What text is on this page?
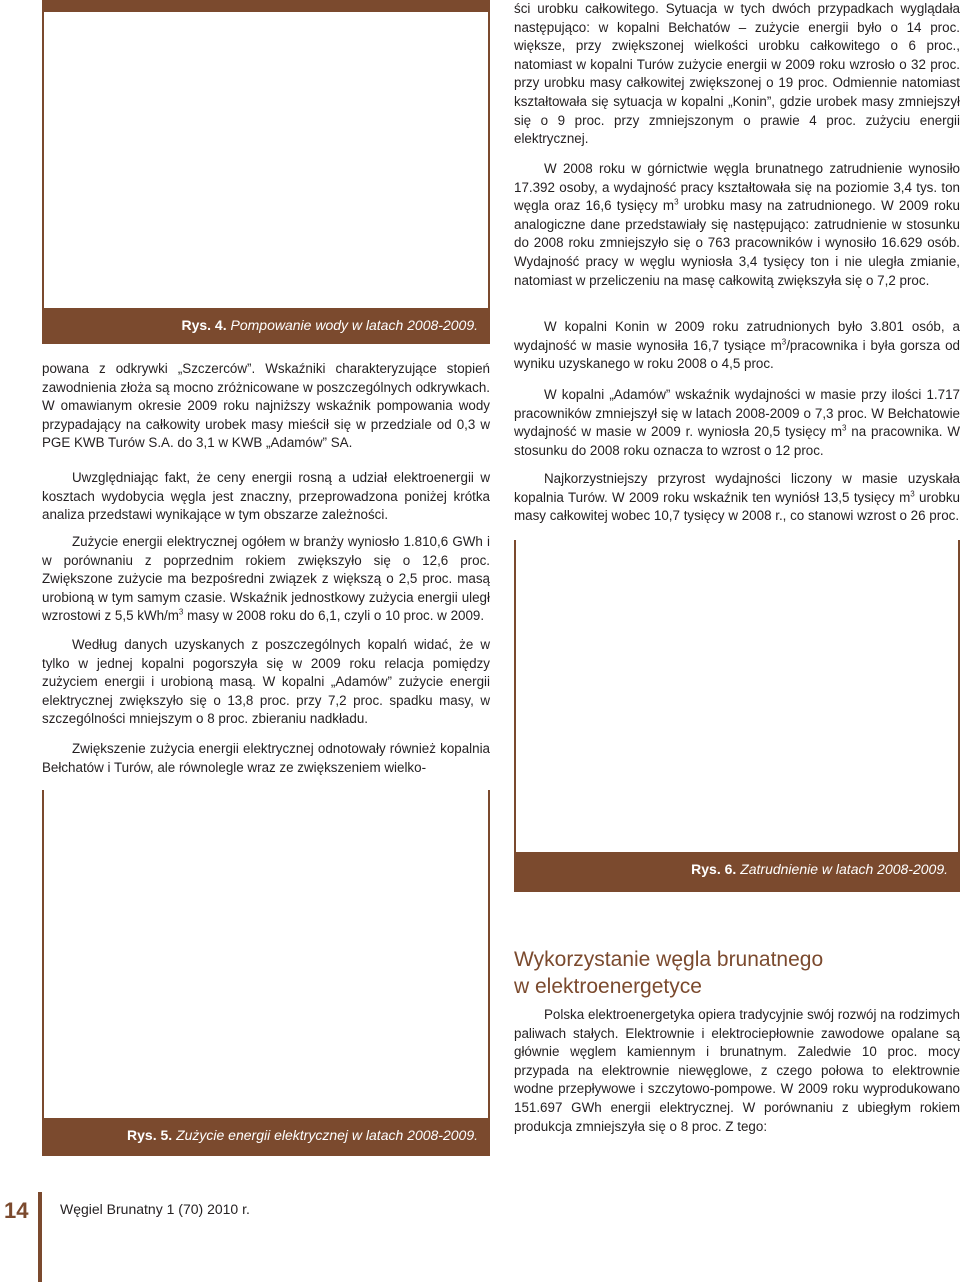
Rys. 4. Pompowanie wody w latach 2008-2009.

powana z odkrywki „Szczerców”. Wskaźniki charakteryzujące stopień zawodnienia złoża są mocno zróżnicowane w poszczególnych odkrywkach. W omawianym okresie 2009 roku najniższy wskaźnik pompowania wody przypadający na całkowity urobek masy mieścił się w przedziale od 0,3 w PGE KWB Turów S.A. do 3,1 w KWB „Adamów” SA.

Uwzględniając fakt, że ceny energii rosną a udział elektroenergii w kosztach wydobycia węgla jest znaczny, przeprowadzona poniżej krótka analiza przedstawi wynikające w tym obszarze zależności.

Zużycie energii elektrycznej ogółem w branży wyniosło 1.810,6 GWh i w porównaniu z poprzednim rokiem zwiększyło się o 12,6 proc. Zwiększone zużycie ma bezpośredni związek z większą o 2,5 proc. masą urobioną w tym samym czasie. Wskaźnik jednostkowy zużycia energii uległ wzrostowi z 5,5 kWh/$m^3$ masy w 2008 roku do 6,1, czyli o 10 proc. w 2009.

Według danych uzyskanych z poszczególnych kopalń widać, że w tylko w jednej kopalni pogorszyła się w 2009 roku relacja pomiędzy zużyciem energii i urobioną masą. W kopalni „Adamów” zużycie energii elektrycznej zwiększyło się o 13,8 proc. przy 7,2 proc. spadku masy, w szczególności mniejszym o 8 proc. zbieraniu nadkładu.

Zwiększenie zużycia energii elektrycznej odnotowały również kopalnia Bełchatów i Turów, ale równolegle wraz ze zwiększeniem wielko-

Rys. 5. Zużycie energii elektrycznej w latach 2008-2009.

ści urobku całkowitego. Sytuacja w tych dwóch przypadkach wyglądała następująco: w kopalni Bełchatów – zużycie energii było o 14 proc. większe, przy zwiększonej wielkości urobku całkowitego o 6 proc., natomiast w kopalni Turów zużycie energii w 2009 roku wzrosło o 32 proc. przy urobku masy całkowitej zwiększonej o 19 proc. Odmiennie natomiast kształtowała się sytuacja w kopalni „Konin”, gdzie urobek masy zmniejszył się o 9 proc. przy zmniejszonym o prawie 4 proc. zużyciu energii elektrycznej.

W 2008 roku w górnictwie węgla brunatnego zatrudnienie wynosiło 17.392 osoby, a wydajność pracy kształtowała się na poziomie 3,4 tys. ton węgla oraz 16,6 tysięcy $m^3$ urobku masy na zatrudnionego. W 2009 roku analogiczne dane przedstawiały się następująco: zatrudnienie w stosunku do 2008 roku zmniejszyło się o 763 pracowników i wynosiło 16.629 osób. Wydajność pracy w węglu wyniosła 3,4 tysięcy ton i nie uległa zmianie, natomiast w przeliczeniu na masę całkowitą zwiększyła się o 7,2 proc.

W kopalni Konin w 2009 roku zatrudnionych było 3.801 osób, a wydajność w masie wynosiła 16,7 tysiące $m^3$/pracownika i była gorsza od wyniku uzyskanego w roku 2008 o 4,5 proc.

W kopalni „Adamów” wskaźnik wydajności w masie przy ilości 1.717 pracowników zmniejszył się w latach 2008-2009 o 7,3 proc. W Bełchatowie wydajność w masie w 2009 r. wyniosła 20,5 tysięcy $m^3$ na pracownika. W stosunku do 2008 roku oznacza to wzrost o 12 proc.

Najkorzystniejszy przyrost wydajności liczony w masie uzyskała kopalnia Turów. W 2009 roku wskaźnik ten wyniósł 13,5 tysięcy $m^3$ urobku masy całkowitej wobec 10,7 tysięcy w 2008 r., co stanowi wzrost o 26 proc.

Rys. 6. Zatrudnienie w latach 2008-2009.
Wykorzystanie węgla brunatnego
w elektroenergetyce

Polska elektroenergetyka opiera tradycyjnie swój rozwój na rodzimych paliwach stałych. Elektrownie i elektrociepłownie zawodowe opalane są głównie węglem kamiennym i brunatnym. Zaledwie 10 proc. mocy przypada na elektrownie niewęglowe, z czego połowa to elektrownie wodne przepływowe i szczytowo-pompowe. W 2009 roku wyprodukowano 151.697 GWh energii elektrycznej. W porównaniu z ubiegłym rokiem produkcja zmniejszyła się o 8 proc. Z tego:

14 Węgiel Brunatny 1 (70) 2010 r.
